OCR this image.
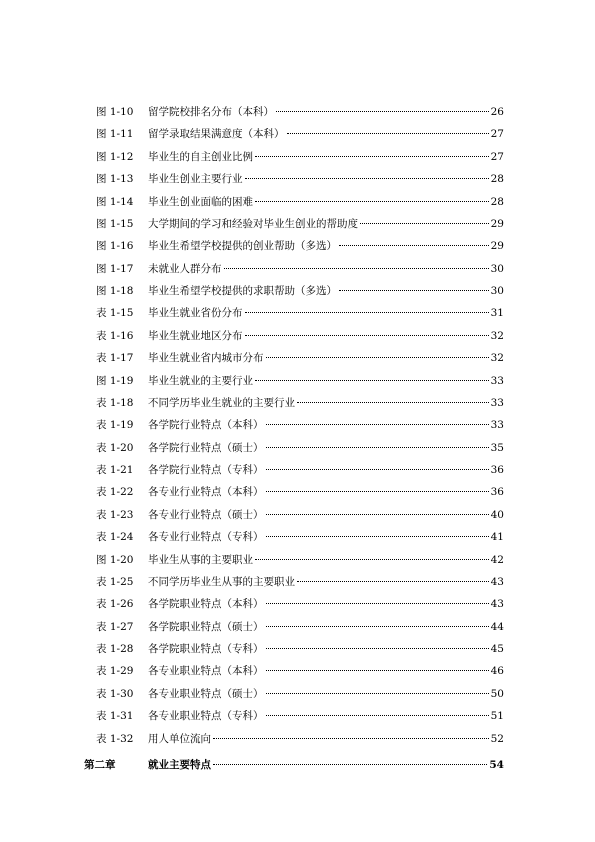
图 1-10 留学院校排名分布（本科）	26
图 1-11 留学录取结果满意度（本科）	27
图 1-12 毕业生的自主创业比例	27
图 1-13 毕业生创业主要行业	28
图 1-14 毕业生创业面临的困难	28
图 1-15 大学期间的学习和经验对毕业生创业的帮助度	29
图 1-16 毕业生希望学校提供的创业帮助（多选）	29
图 1-17 未就业人群分布	30
图 1-18 毕业生希望学校提供的求职帮助（多选）	30
表 1-15 毕业生就业省份分布	31
表 1-16 毕业生就业地区分布	32
表 1-17 毕业生就业省内城市分布	32
图 1-19 毕业生就业的主要行业	33
表 1-18 不同学历毕业生就业的主要行业	33
表 1-19 各学院行业特点（本科）	33
表 1-20 各学院行业特点（硕士）	35
表 1-21 各学院行业特点（专科）	36
表 1-22 各专业行业特点（本科）	36
表 1-23 各专业行业特点（硕士）	40
表 1-24 各专业行业特点（专科）	41
图 1-20 毕业生从事的主要职业	42
表 1-25 不同学历毕业生从事的主要职业	43
表 1-26 各学院职业特点（本科）	43
表 1-27 各学院职业特点（硕士）	44
表 1-28 各学院职业特点（专科）	45
表 1-29 各专业职业特点（本科）	46
表 1-30 各专业职业特点（硕士）	50
表 1-31 各专业职业特点（专科）	51
表 1-32 用人单位流向	52
第二章	就业主要特点	54
